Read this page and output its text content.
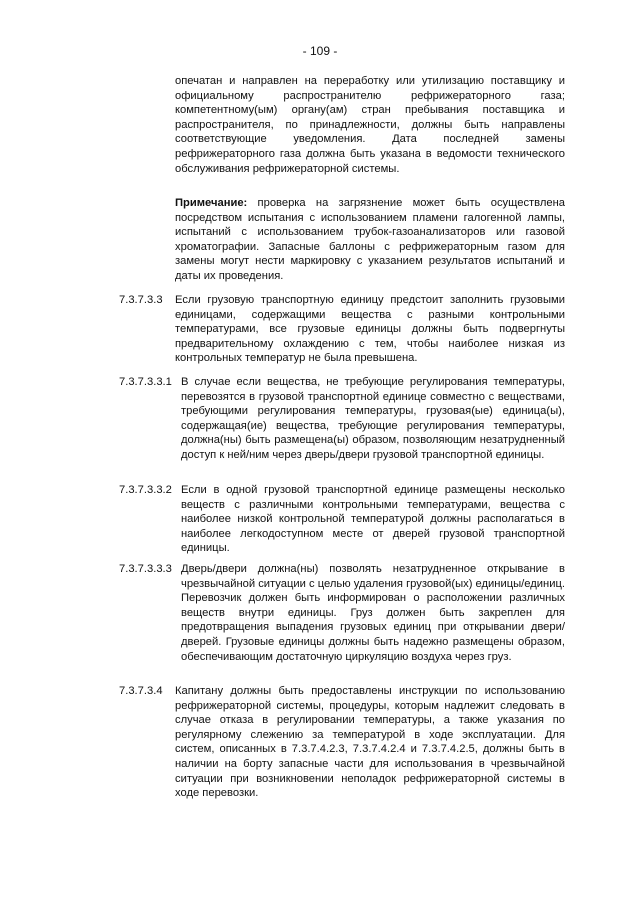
- 109 -

опечатан и направлен на переработку или утилизацию поставщику и официальному распространителю рефрижераторного газа; компетентному(ым) органу(ам) стран пребывания поставщика и распространителя, по принадлежности, должны быть направлены соответствующие уведомления. Дата последней замены рефрижераторного газа должна быть указана в ведомости технического обслуживания рефрижераторной системы.

Примечание: проверка на загрязнение может быть осуществлена посредством испытания с использованием пламени галогенной лампы, испытаний с использованием трубок-газоанализаторов или газовой хроматографии. Запасные баллоны с рефрижераторным газом для замены могут нести маркировку с указанием результатов испытаний и даты их проведения.

7.3.7.3.3 Если грузовую транспортную единицу предстоит заполнить грузовыми единицами, содержащими вещества с разными контрольными температурами, все грузовые единицы должны быть подвергнуты предварительному охлаждению с тем, чтобы наиболее низкая из контрольных температур не была превышена.

7.3.7.3.3.1 В случае если вещества, не требующие регулирования температуры, перевозятся в грузовой транспортной единице совместно с веществами, требующими регулирования температуры, грузовая(ые) единица(ы), содержащая(ие) вещества, требующие регулирования температуры, должна(ны) быть размещена(ы) образом, позволяющим незатрудненный доступ к ней/ним через дверь/двери грузовой транспортной единицы.

7.3.7.3.3.2 Если в одной грузовой транспортной единице размещены несколько веществ с различными контрольными температурами, вещества с наиболее низкой контрольной температурой должны располагаться в наиболее легкодоступном месте от дверей грузовой транспортной единицы.

7.3.7.3.3.3 Дверь/двери должна(ны) позволять незатрудненное открывание в чрезвычайной ситуации с целью удаления грузовой(ых) единицы/единиц. Перевозчик должен быть информирован о расположении различных веществ внутри единицы. Груз должен быть закреплен для предотвращения выпадения грузовых единиц при открывании двери/дверей. Грузовые единицы должны быть надежно размещены образом, обеспечивающим достаточную циркуляцию воздуха через груз.

7.3.7.3.4 Капитану должны быть предоставлены инструкции по использованию рефрижераторной системы, процедуры, которым надлежит следовать в случае отказа в регулировании температуры, а также указания по регулярному слежению за температурой в ходе эксплуатации. Для систем, описанных в 7.3.7.4.2.3, 7.3.7.4.2.4 и 7.3.7.4.2.5, должны быть в наличии на борту запасные части для использования в чрезвычайной ситуации при возникновении неполадок рефрижераторной системы в ходе перевозки.
